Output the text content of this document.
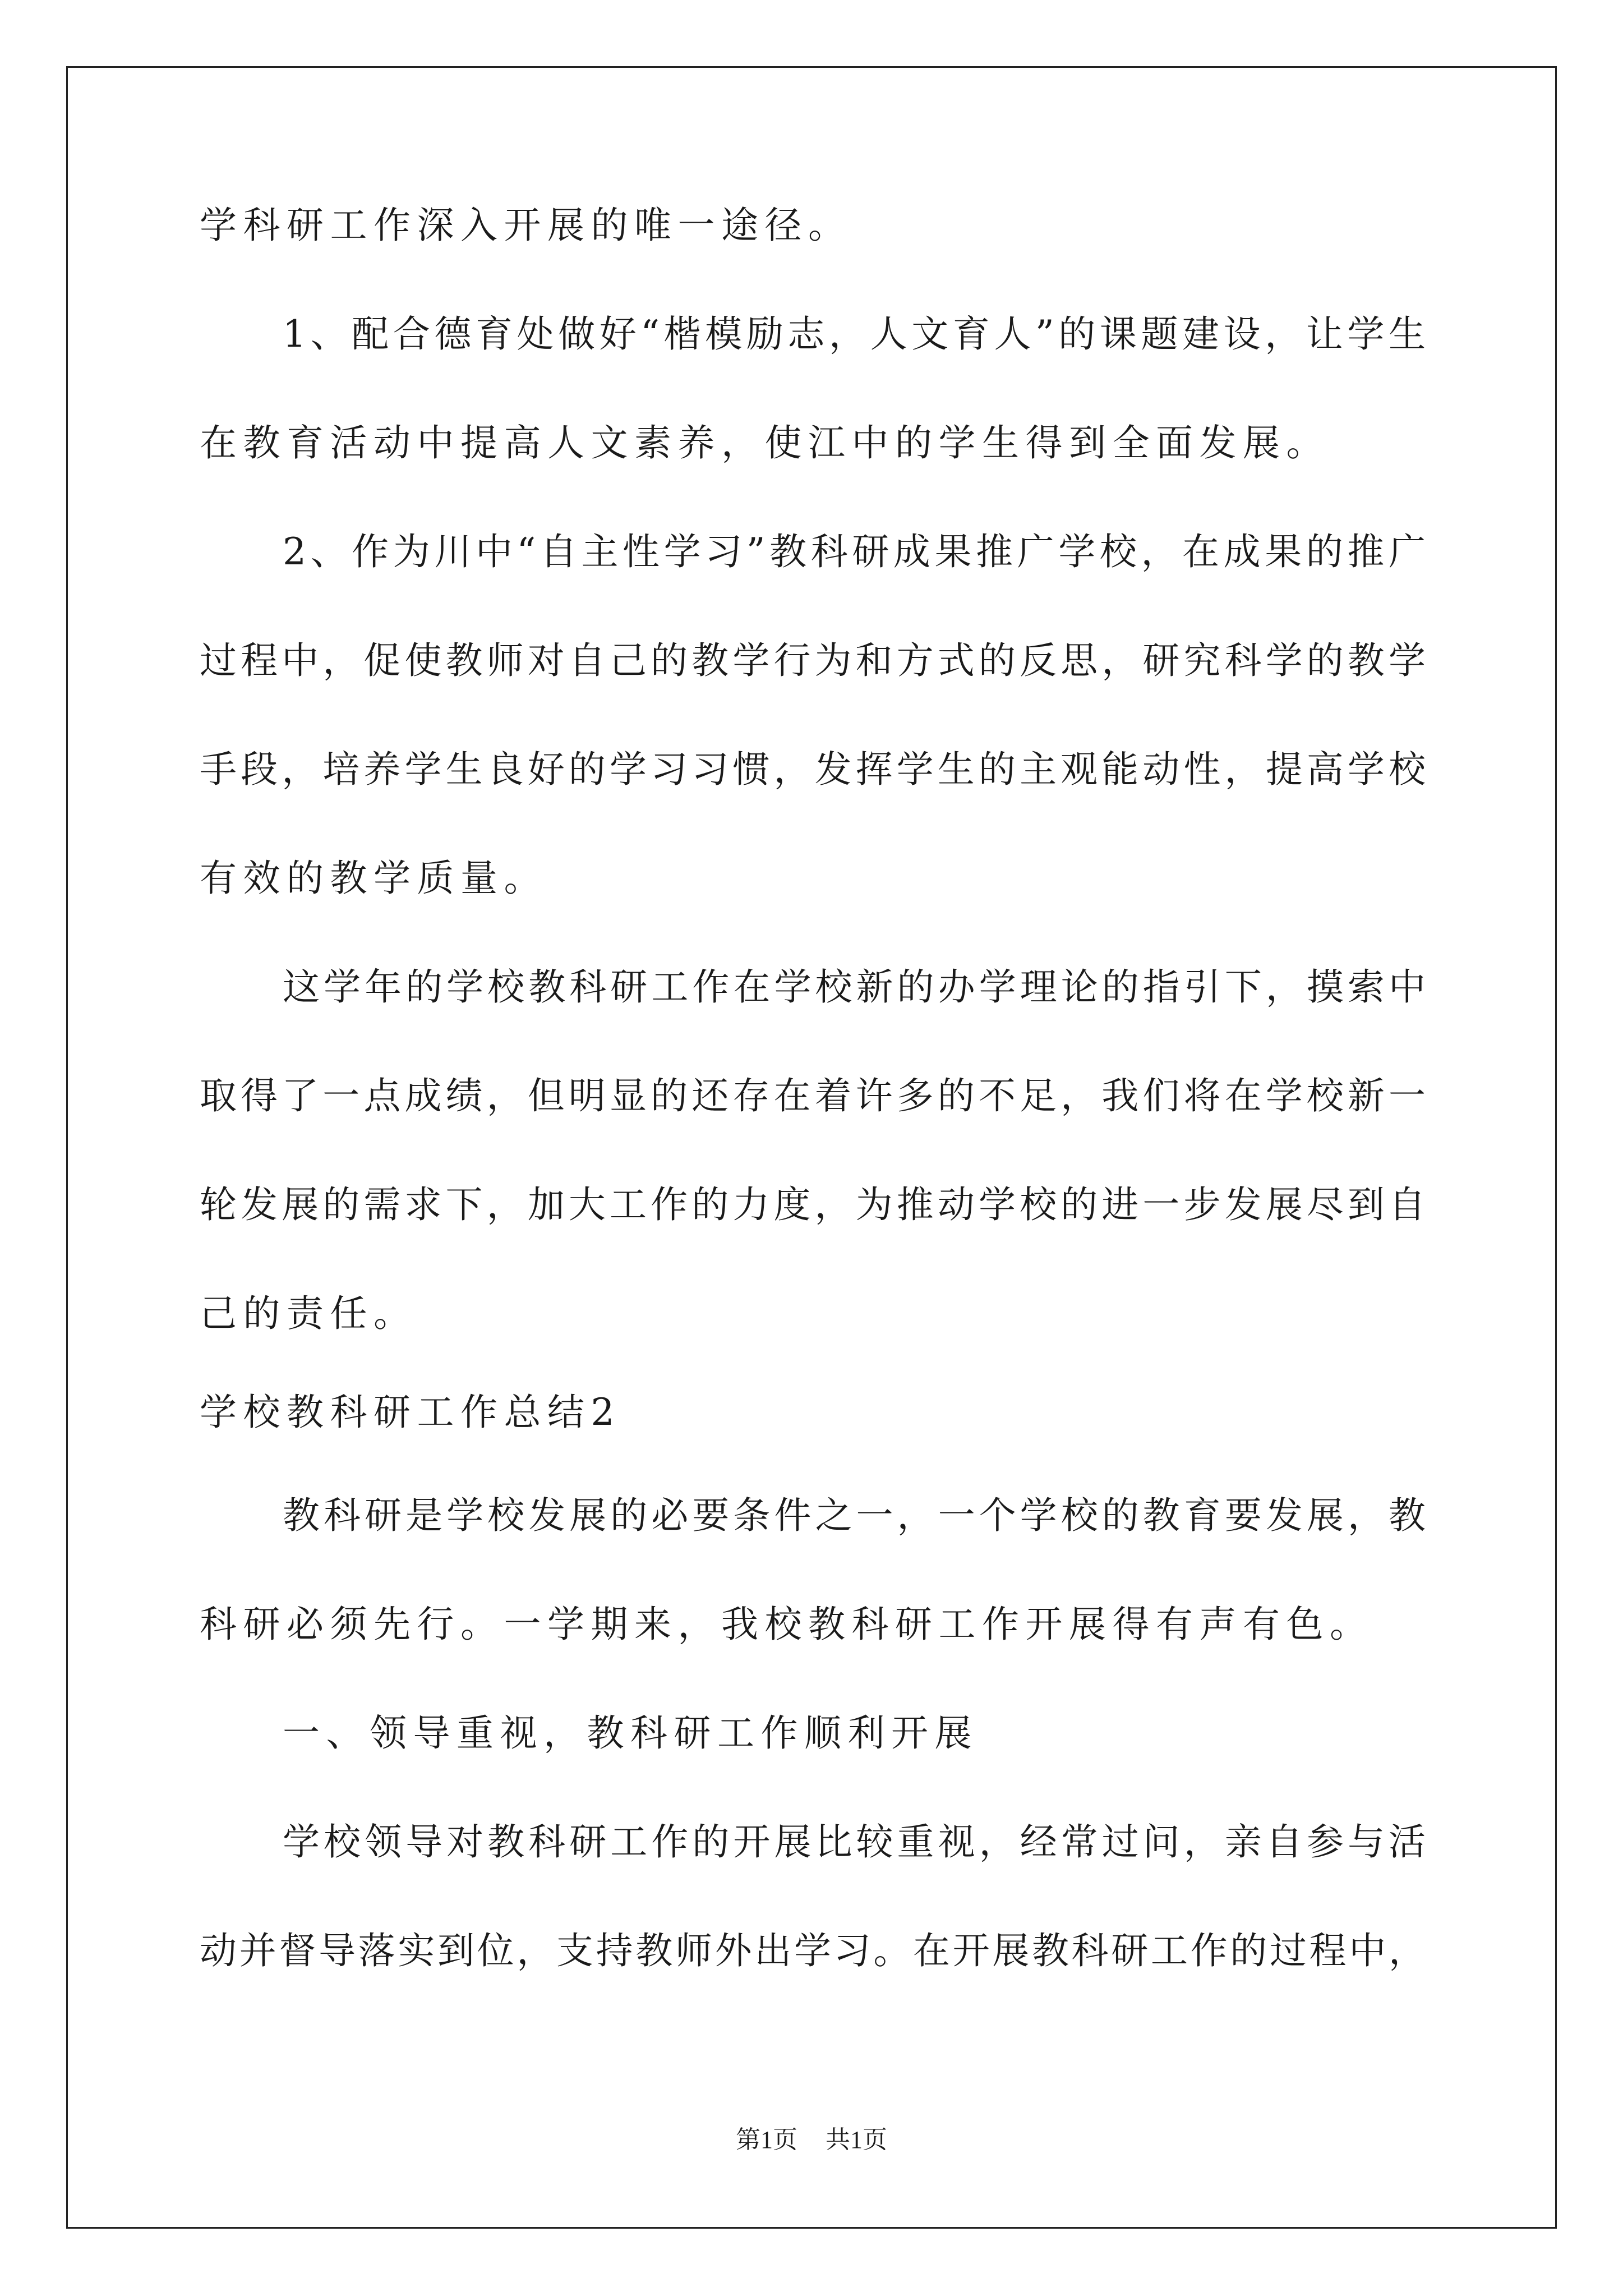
学科研工作深入开展的唯一途径。
1、配合德育处做好“楷模励志，人文育人”的课题建设，让学生
在教育活动中提高人文素养，使江中的学生得到全面发展。
2、作为川中“自主性学习”教科研成果推广学校，在成果的推广
过程中，促使教师对自己的教学行为和方式的反思，研究科学的教学
手段，培养学生良好的学习习惯，发挥学生的主观能动性，提高学校
有效的教学质量。
这学年的学校教科研工作在学校新的办学理论的指引下，摸索中
取得了一点成绩，但明显的还存在着许多的不足，我们将在学校新一
轮发展的需求下，加大工作的力度，为推动学校的进一步发展尽到自
己的责任。
学校教科研工作总结2
教科研是学校发展的必要条件之一，一个学校的教育要发展，教
科研必须先行。一学期来，我校教科研工作开展得有声有色。
一、领导重视，教科研工作顺利开展
学校领导对教科研工作的开展比较重视，经常过问，亲自参与活
动并督导落实到位，支持教师外出学习。在开展教科研工作的过程中，
第1页 共1页
